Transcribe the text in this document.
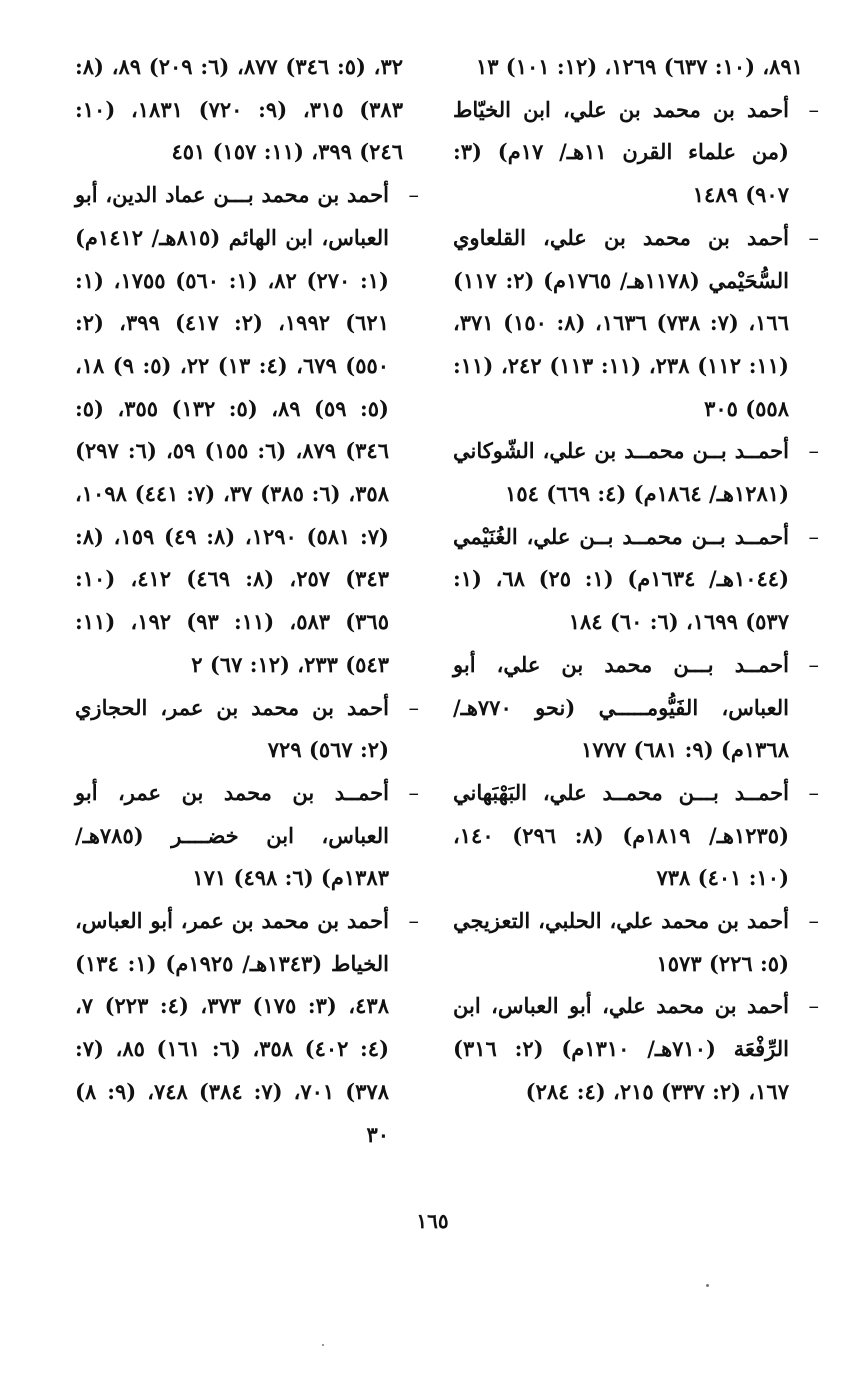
٨٩١، (١٠: ٦٣٧) ١٢٦٩، (١٢: ١٠١) ١٣

–
أحمد بن محمد بن علي، ابن الخيّاط (من علماء القرن ١١هـ/ ١٧م) (٣: ٩٠٧) ١٤٨٩

–
أحمد بن محمد بن علي، القلعاوي السُّحَيْمي (١١٧٨هـ/ ١٧٦٥م) (٢: ١١٧) ١٦٦، (٧: ٧٣٨) ١٦٣٦، (٨: ١٥٠) ٣٧١، (١١: ١١٢) ٢٣٨، (١١: ١١٣) ٢٤٢، (١١: ٥٥٨) ٣٠٥

–
أحمــد بــن محمــد بن علي، الشّوكاني (١٢٨١هـ/ ١٨٦٤م) (٤: ٦٦٩) ١٥٤

–
أحمــد بــن محمــد بــن علي، الغُنَيْمي (١٠٤٤هـ/ ١٦٣٤م) (١: ٢٥) ٦٨، (١: ٥٣٧) ١٦٩٩، (٦: ٦٠) ١٨٤

–
أحمــد بـــن محمد بن علي، أبو العباس، الفَيُّومـــــي (نحو ٧٧٠هـ/ ١٣٦٨م) (٩: ٦٨١) ١٧٧٧

–
أحمــد بـــن محمــد علي، البَهْبَهاني (١٢٣٥هـ/ ١٨١٩م) (٨: ٢٩٦) ١٤٠، (١٠: ٤٠١) ٧٣٨

–
أحمد بن محمد علي، الحلبي، التعزيجي (٥: ٢٢٦) ١٥٧٣

–
أحمد بن محمد علي، أبو العباس، ابن الرِّفْعَة (٧١٠هـ/ ١٣١٠م) (٢: ٣١٦) ١٦٧، (٢: ٣٣٧) ٢١٥، (٤: ٢٨٤)

٣٢، (٥: ٣٤٦) ٨٧٧، (٦: ٢٠٩) ٨٩، (٨: ٣٨٣) ٣١٥، (٩: ٧٢٠) ١٨٣١، (١٠: ٢٤٦) ٣٩٩، (١١: ١٥٧) ٤٥١

–
أحمد بن محمد بـــن عماد الدين، أبو العباس، ابن الهائم (٨١٥هـ/ ١٤١٢م) (١: ٢٧٠) ٨٢، (١: ٥٦٠) ١٧٥٥، (١: ٦٢١) ١٩٩٢، (٢: ٤١٧) ٣٩٩، (٢: ٥٥٠) ٦٧٩، (٤: ١٣) ٢٢، (٥: ٩) ١٨، (٥: ٥٩) ٨٩، (٥: ١٣٢) ٣٥٥، (٥: ٣٤٦) ٨٧٩، (٦: ١٥٥) ٥٩، (٦: ٢٩٧) ٣٥٨، (٦: ٣٨٥) ٣٧، (٧: ٤٤١) ١٠٩٨، (٧: ٥٨١) ١٢٩٠، (٨: ٤٩) ١٥٩، (٨: ٣٤٣) ٢٥٧، (٨: ٤٦٩) ٤١٢، (١٠: ٣٦٥) ٥٨٣، (١١: ٩٣) ١٩٢، (١١: ٥٤٣) ٢٣٣، (١٢: ٦٧) ٢

–
أحمد بن محمد بن عمر، الحجازي (٢: ٥٦٧) ٧٢٩

–
أحمــد بن محمد بن عمر، أبو العباس، ابن خضــــر (٧٨٥هـ/ ١٣٨٣م) (٦: ٤٩٨) ١٧١

–
أحمد بن محمد بن عمر، أبو العباس، الخياط (١٣٤٣هـ/ ١٩٢٥م) (١: ١٣٤) ٤٣٨، (٣: ١٧٥) ٣٧٣، (٤: ٢٢٣) ٧، (٤: ٤٠٢) ٣٥٨، (٦: ١٦١) ٨٥، (٧: ٣٧٨) ٧٠١، (٧: ٣٨٤) ٧٤٨، (٩: ٨) ٣٠

١٦٥
